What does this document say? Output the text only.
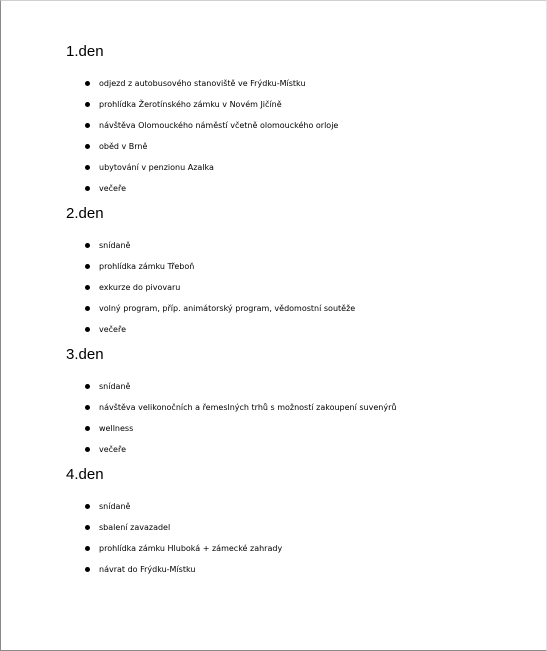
1.den
odjezd z autobusového stanoviště ve Frýdku-Místku
prohlídka Žerotínského zámku v Novém Jičíně
návštěva Olomouckého náměstí včetně olomouckého orloje
oběd v Brně
ubytování v penzionu Azalka
večeře
2.den
snídaně
prohlídka zámku Třeboň
exkurze do pivovaru
volný program, příp. animátorský program, vědomostní soutěže
večeře
3.den
snídaně
návštěva velikonočních a řemeslných trhů s možností zakoupení suvenýrů
wellness
večeře
4.den
snídaně
sbalení zavazadel
prohlídka zámku Hluboká + zámecké zahrady
návrat do Frýdku-Místku
